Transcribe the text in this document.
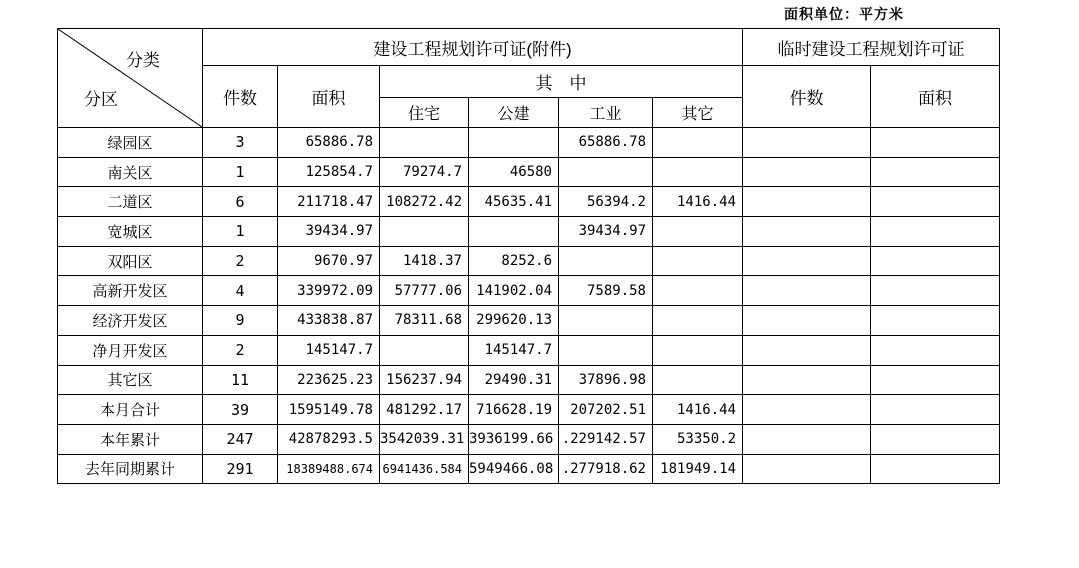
面积单位：平方米
分类
分区	建设工程规划许可证(附件)						临时建设工程规划许可证	
	件数	面积	其　中				件数	面积
			住宅	公建	工业	其它		
绿园区	3	65886.78			65886.78			
南关区	1	125854.7	79274.7	46580				
二道区	6	211718.47	108272.42	45635.41	56394.2	1416.44		
宽城区	1	39434.97			39434.97			
双阳区	2	9670.97	1418.37	8252.6				
高新开发区	4	339972.09	57777.06	141902.04	7589.58			
经济开发区	9	433838.87	78311.68	299620.13				
净月开发区	2	145147.7		145147.7				
其它区	11	223625.23	156237.94	29490.31	37896.98			
本月合计	39	1595149.78	481292.17	716628.19	207202.51	1416.44		
本年累计	247	42878293.5	3542039.31	3936199.66	.229142.57	53350.2		
去年同期累计	291	18389488.674	6941436.584	5949466.08	.277918.62	181949.14		
